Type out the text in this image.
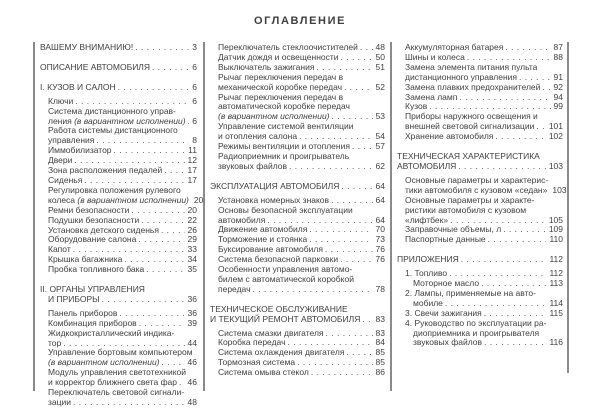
ОГЛАВЛЕНИЕ
ВАШЕМУ ВНИМАНИЮ! . . .	3
ОПИСАНИЕ АВТОМОБИЛЯ . . .	6
I. КУЗОВ И САЛОН . . .	6
Ключи . . .	6
Система дистанционного управ-
ления (в вариантном исполнении) . . . 6
Работа системы дистанционного
управления . . .	8
Иммобилизатор . . .	11
Двери . . .	12
Зона расположения педалей . . .	17
Сиденья . . .	17
Регулировка положения рулевого
колеса (в вариантном исполнении) 20
Ремни безопасности . . .	20
Подушки безопасности . . .	22
Установка детского сиденья . . .	26
Оборудование салона . . .	29
Капот . . .	33
Крышка багажника . . .	34
Пробка топливного бака . . .	35
II. ОРГАНЫ УПРАВЛЕНИЯ
И ПРИБОРЫ . . .	36
Панель приборов . . .	36
Комбинация приборов . . .	39
Жидкокристаллический индика-
тор . . .	44
Управление бортовым компьютером
(в вариантном исполнении) . . .	46
Модуль управления светотехникой
и корректор ближнего света фар . . . 46
Переключатель световой сигнали-
зации . . .	48
Переключатель стеклоочистителей . . . 48
Датчик дождя и освещенности . . .	50
Выключатель зажигания . . .	51
Рычаг переключения передач в
механической коробке передач . . .	52
Рычаг переключения передач в
автоматической коробке передач
(в вариантном исполнении) . . .	53
Управление системой вентиляции
и отопления салона . . .	54
Режимы вентиляции и отопления . . .	57
Радиоприемник и проигрыватель
звуковых файлов . . .	62
ЭКСПЛУАТАЦИЯ АВТОМОБИЛЯ . . .	64
Установка номерных знаков . . .	64
Основы безопасной эксплуатации
автомобиля . . .	64
Движение автомобиля . . .	70
Торможение и стоянка . . .	73
Буксирование автомобиля . . .	76
Система безопасной парковки . . .	76
Особенности управления автомо-
билем с автоматической коробкой
передач . . .	78
ТЕХНИЧЕСКОЕ ОБСЛУЖИВАНИЕ
И ТЕКУЩИЙ РЕМОНТ АВТОМОБИЛЯ . . . 83
Система смазки двигателя . . .	83
Коробка передач . . .	84
Система охлаждения двигателя . . .	85
Тормозная система . . .	85
Система омыва стекол . . .	86
Аккумуляторная батарея . . .	87
Шины и колеса . . .	88
Замена элемента питания пульта
дистанционного управления . . .	91
Замена плавких предохранителей . . . 92
Замена ламп . . .	94
Кузов . . .	99
Приборы наружного освещения и
внешней световой сигнализации . . . 101
Хранение автомобиля . . .	102
ТЕХНИЧЕСКАЯ ХАРАКТЕРИСТИКА
АВТОМОБИЛЯ . . .	103
Основные параметры и характерис-
тики автомобиля с кузовом «седан» 103
Основные параметры и характе-
ристики автомобиля с кузовом
«лифтбек» . . .	105
Заправочные объемы, л . . .	109
Паспортные данные . . .	110
ПРИЛОЖЕНИЯ . . .	112
1. Топливо . . .	112
Моторное масло . . .	113
2. Лампы, применяемые на авто-
мобиле . . .	114
3. Свечи зажигания . . .	115
4. Руководство по эксплуатации ра-
диоприемника и проигрывателя
звуковых файлов . . .	116
